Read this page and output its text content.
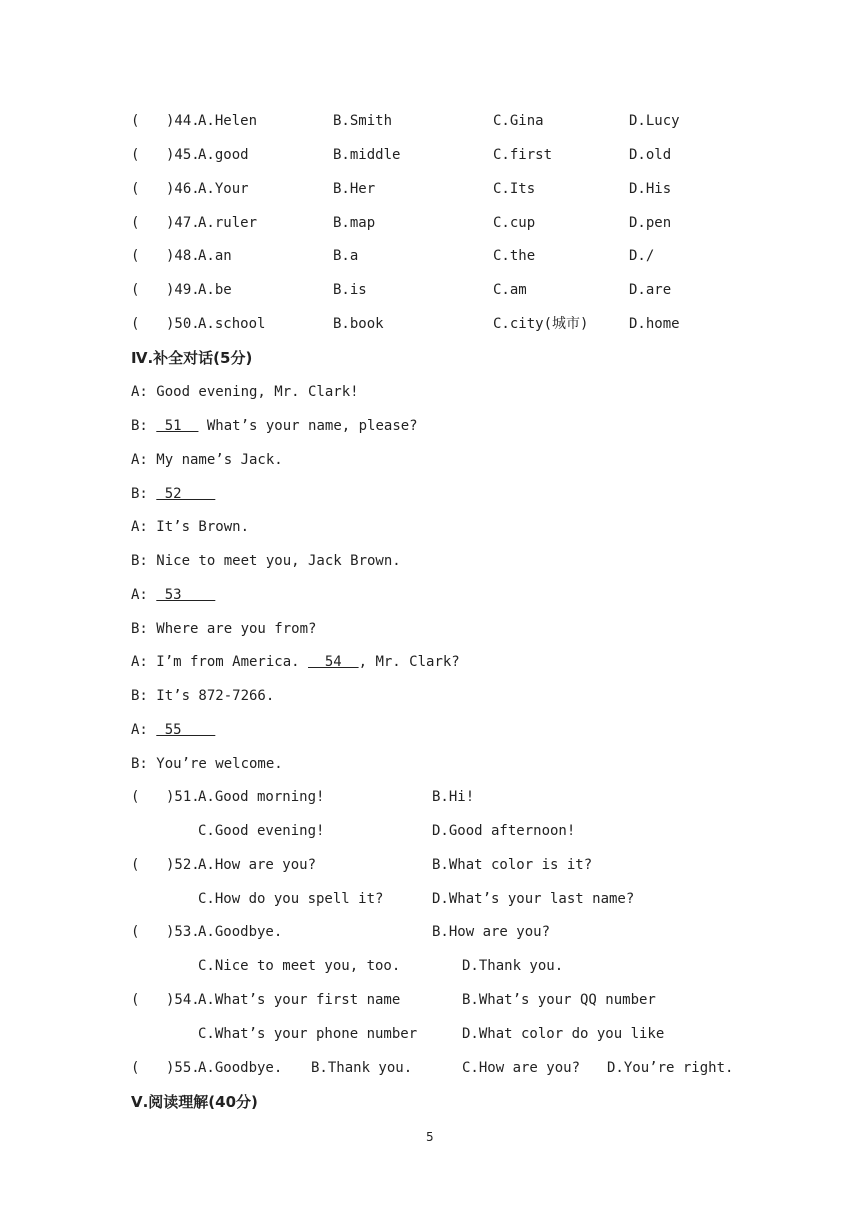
( )44.
A.Helen	B.Smith	C.Gina	D.Lucy
( )45.
A.good	B.middle	C.first	D.old
( )46.
A.Your	B.Her	C.Its	D.His
( )47.
A.ruler	B.map	C.cup	D.pen
( )48.
A.an	B.a	C.the	D./
( )49.
A.be	B.is	C.am	D.are
( )50.
A.school	B.book	C.city(城市)	D.home
Ⅳ.补全对话(5分)
A: Good evening, Mr. Clark!
B:  51   What’s your name, please?
A: My name’s Jack.
B:  52
A: It’s Brown.
B: Nice to meet you, Jack Brown.
A:  53
B: Where are you from?
A: I’m from America.   54  , Mr. Clark?
B: It’s 872-7266.
A:  55
B: You’re welcome.
( )51.
A.Good morning!	B.Hi!
C.Good evening!	D.Good afternoon!
( )52.
A.How are you?	B.What color is it?
C.How do you spell it?	D.What’s your last name?
( )53.
A.Goodbye.	B.How are you?
C.Nice to meet you, too.	D.Thank you.
( )54.
A.What’s your first name	B.What’s your QQ number
C.What’s your phone number	D.What color do you like
( )55.
A.Goodbye. B.Thank you.	C.How are you? D.You’re right.
Ⅴ.阅读理解(40分)
5
